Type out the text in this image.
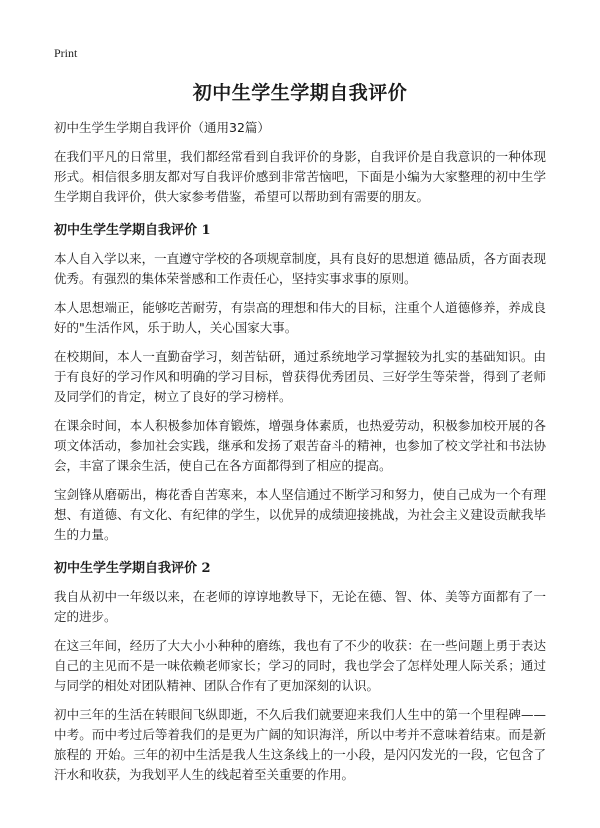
Print
初中生学生学期自我评价
初中生学生学期自我评价（通用32篇）

在我们平凡的日常里，我们都经常看到自我评价的身影，自我评价是自我意识的一种体现形式。相信很多朋友都对写自我评价感到非常苦恼吧，下面是小编为大家整理的初中生学生学期自我评价，供大家参考借鉴，希望可以帮助到有需要的朋友。

初中生学生学期自我评价 1

本人自入学以来，一直遵守学校的各项规章制度，具有良好的思想道 德品质，各方面表现优秀。有强烈的集体荣誉感和工作责任心，坚持实事求事的原则。

本人思想端正，能够吃苦耐劳，有崇高的理想和伟大的目标，注重个人道德修养，养成良好的"生活作风，乐于助人，关心国家大事。

在校期间，本人一直勤奋学习，刻苦钻研，通过系统地学习掌握较为扎实的基础知识。由于有良好的学习作风和明确的学习目标，曾获得优秀团员、三好学生等荣誉，得到了老师及同学们的肯定，树立了良好的学习榜样。

在课余时间，本人积极参加体育锻炼，增强身体素质，也热爱劳动，积极参加校开展的各项文体活动，参加社会实践，继承和发扬了艰苦奋斗的精神，也参加了校文学社和书法协会，丰富了课余生活，使自己在各方面都得到了相应的提高。

宝剑锋从磨砺出，梅花香自苦寒来，本人坚信通过不断学习和努力，使自己成为一个有理想、有道德、有文化、有纪律的学生，以优异的成绩迎接挑战，为社会主义建设贡献我毕生的力量。

初中生学生学期自我评价 2

我自从初中一年级以来，在老师的谆谆地教导下，无论在德、智、体、美等方面都有了一定的进步。

在这三年间，经历了大大小小种种的磨练，我也有了不少的收获：在一些问题上勇于表达自己的主见而不是一味依赖老师家长；学习的同时，我也学会了怎样处理人际关系；通过与同学的相处对团队精神、团队合作有了更加深刻的认识。

初中三年的生活在转眼间飞纵即逝，不久后我们就要迎来我们人生中的第一个里程碑——中考。而中考过后等着我们的是更为广阔的知识海洋，所以中考并不意味着结束。而是新旅程的 开始。三年的初中生活是我人生这条线上的一小段，是闪闪发光的一段，它包含了汗水和收获，为我划平人生的线起着至关重要的作用。
